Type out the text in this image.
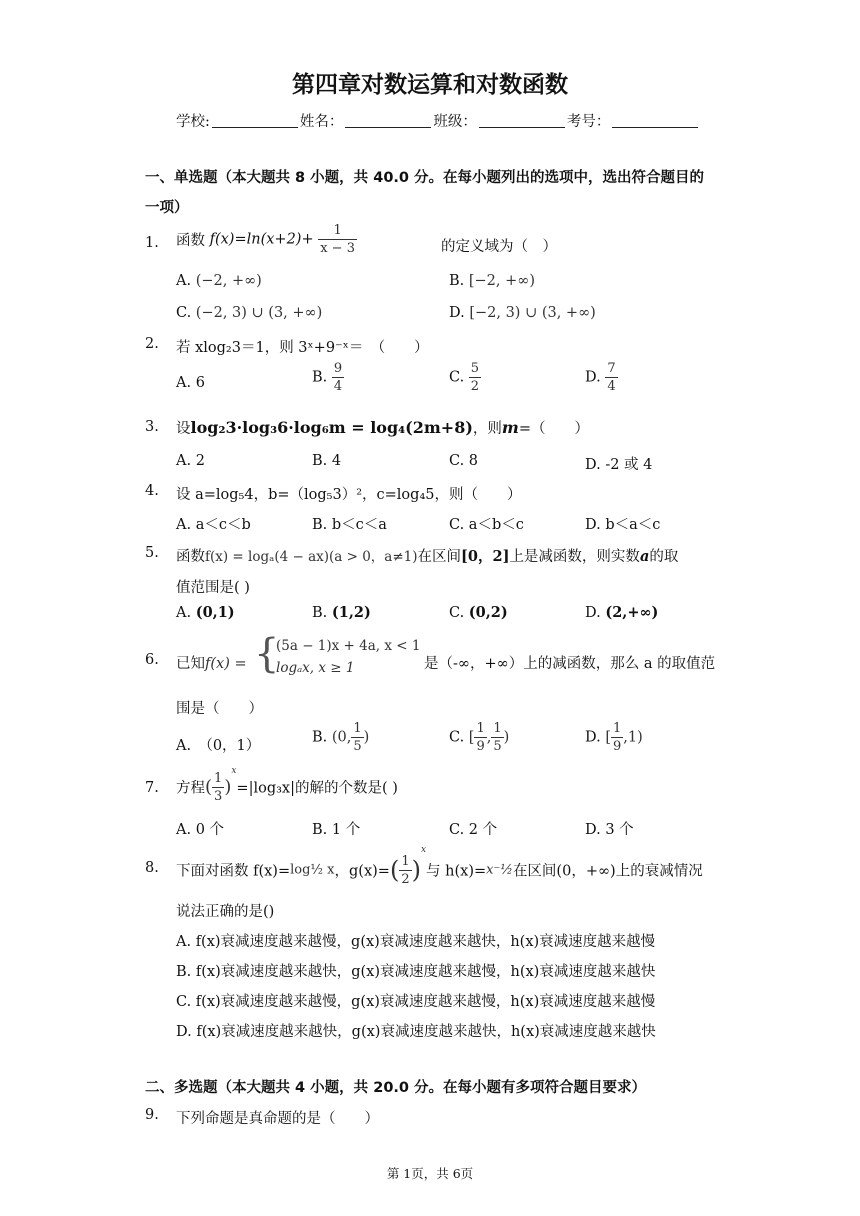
第四章对数运算和对数函数
学校:	姓名：	班级：	考号：
一、单选题（本大题共 8 小题，共 40.0 分。在每小题列出的选项中，选出符合题目的
一项）
1. 函数 $f(x)=\ln(x+2)+ \frac{1}{x - 3}$	的定义域为（　）
A. (−2, +∞)	B. [−2, +∞)
C. (−2, 3) ∪ (3, +∞)	D. [−2, 3) ∪ (3, +∞)
2. 若 xlog₂3＝1，则 3ˣ+9⁻ˣ＝　（　　）
A. 6	B. $\frac{9}{4}$	C. $\frac{5}{2}$	D. $\frac{7}{4}$
3. 设log₂3·log₃6·log₆m = log₄(2m+8)，则m=（　　）
A. 2	B. 4	C. 8	D. -2 或 4
4. 设 a=log₅4，b=（log₅3）²，c=log₄5，则（　　）
A. a＜c＜b	B. b＜c＜a	C. a＜b＜c	D. b＜a＜c
5. 函数f(x) = logₐ(4 − ax)(a > 0，a≠1)在区间[0，2]上是减函数，则实数a的取
值范围是( )
A. (0,1)	B. (1,2)	C. (0,2)	D. (2,+∞)
6. 已知f(x) = {
(5a − 1)x + 4a, x < 1
logₐx, x ≥ 1	是（-∞，+∞）上的减函数，那么 a 的取值范
围是（　　）
A.　（0，1）
B. (0, $\frac{1}{5}$ )	C. [ $\frac{1}{9}$ , $\frac{1}{5}$ )	D. [ $\frac{1}{9} ,1$)
7. 方程( $\frac{1}{3} )^x=|\log_3x|$的解的个数是( )
A. 0 个	B. 1 个	C. 2 个	D. 3 个
8. 下面对函数 f(x)=log½ x，$g(x)=( \frac{1}{2} )^x$与 h(x)=x⁻½在区间(0，+∞)上的衰减情况
说法正确的是()
A. f(x)衰减速度越来越慢，g(x)衰减速度越来越快，h(x)衰减速度越来越慢
B. f(x)衰减速度越来越快，g(x)衰减速度越来越慢，h(x)衰减速度越来越快
C. f(x)衰减速度越来越慢，g(x)衰减速度越来越慢，h(x)衰减速度越来越慢
D. f(x)衰减速度越来越快，g(x)衰减速度越来越快，h(x)衰减速度越来越快
二、多选题（本大题共 4 小题，共 20.0 分。在每小题有多项符合题目要求）
9. 下列命题是真命题的是（　　）
第 1页，共 6页
